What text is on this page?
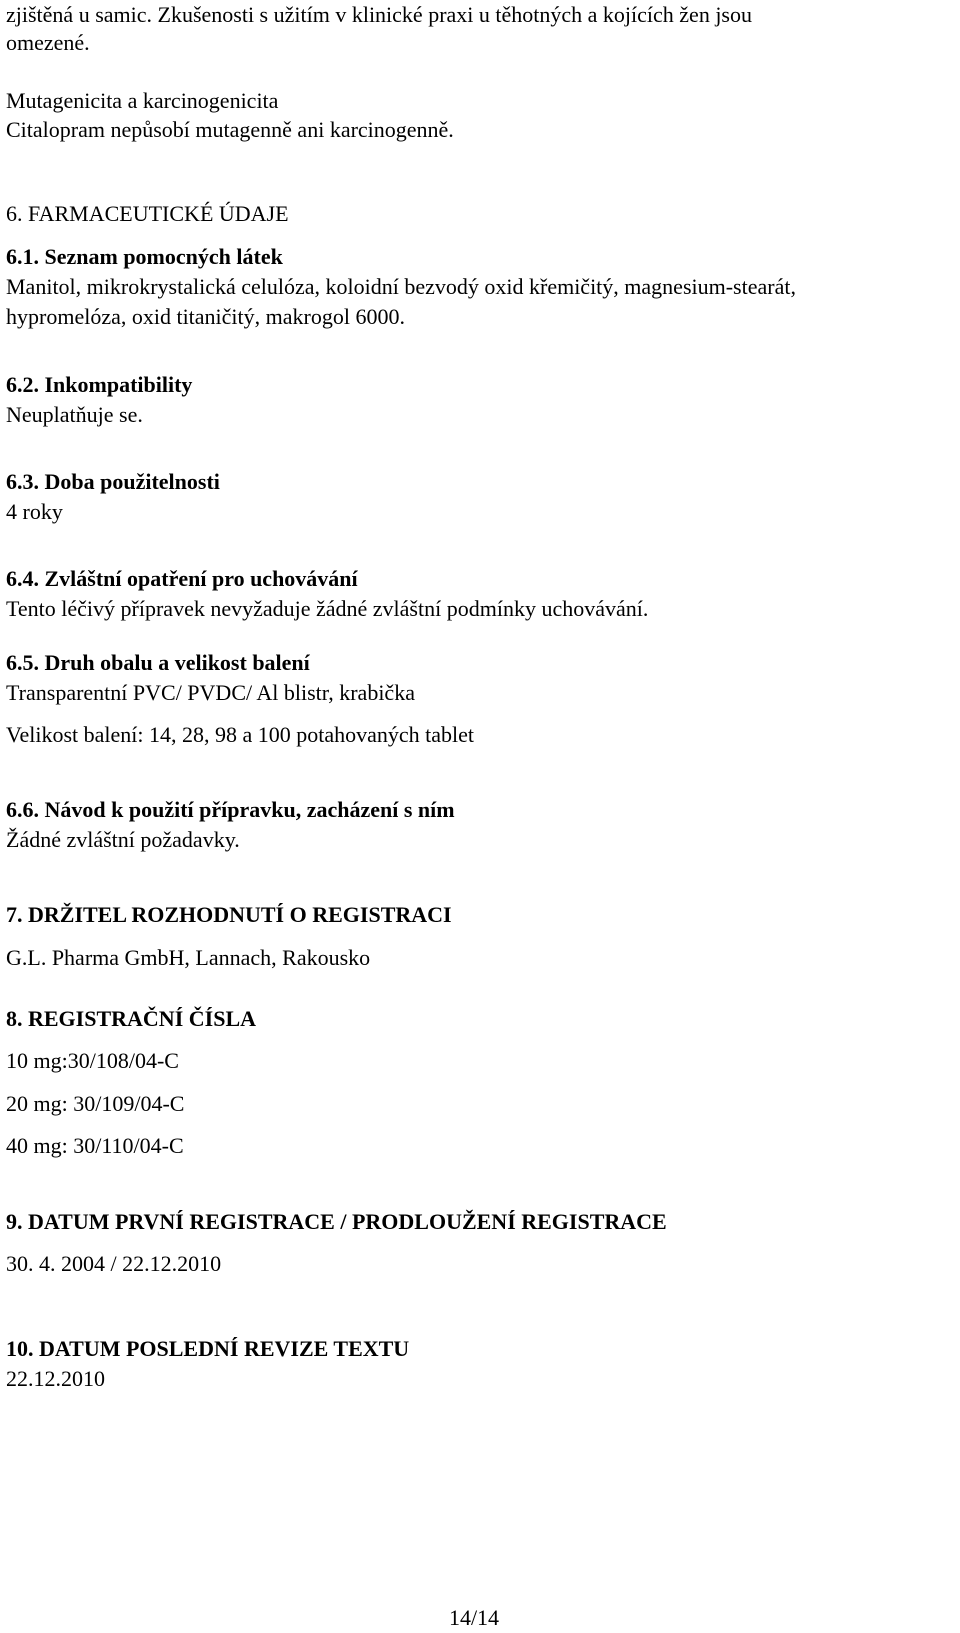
zjištěná u samic. Zkušenosti s užitím v klinické praxi u těhotných a kojících žen jsou
omezené.
Mutagenicita a karcinogenicita
Citalopram nepůsobí mutagenně ani karcinogenně.
6. FARMACEUTICKÉ ÚDAJE
6.1. Seznam pomocných látek
Manitol, mikrokrystalická celulóza, koloidní bezvodý oxid křemičitý, magnesium-stearát,
hypromelóza, oxid titaničitý, makrogol 6000.
6.2. Inkompatibility
Neuplatňuje se.
6.3. Doba použitelnosti
4 roky
6.4. Zvláštní opatření pro uchovávání
Tento léčivý přípravek nevyžaduje žádné zvláštní podmínky uchovávání.
6.5. Druh obalu a velikost balení
Transparentní PVC/ PVDC/ Al blistr, krabička
Velikost balení: 14, 28, 98 a 100 potahovaných tablet
6.6. Návod k použití přípravku, zacházení s ním
Žádné zvláštní požadavky.
7. DRŽITEL ROZHODNUTÍ O REGISTRACI
G.L. Pharma GmbH, Lannach, Rakousko
8. REGISTRAČNÍ ČÍSLA
10 mg:30/108/04-C
20 mg: 30/109/04-C
40 mg: 30/110/04-C
9. DATUM PRVNÍ REGISTRACE / PRODLOUŽENÍ REGISTRACE
30. 4. 2004 / 22.12.2010
10. DATUM POSLEDNÍ REVIZE TEXTU
22.12.2010
14/14
